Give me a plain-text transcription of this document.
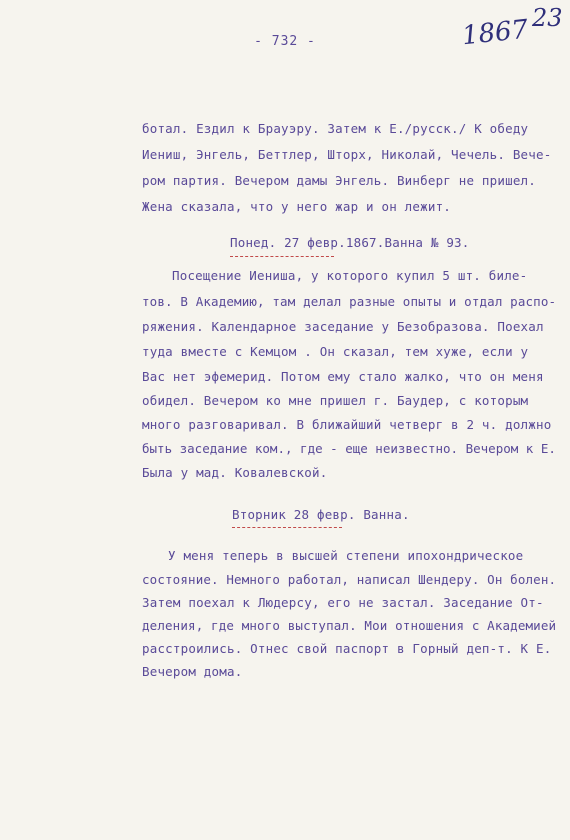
- 732 -	1867 23
ботал. Ездил к Брауэру. Затем к Е./русск./ К обеду
Иениш, Энгель, Беттлер, Шторх, Николай, Чечель. Вечe-
ром партия. Вечером дамы Энгель. Винберг не пришел.
Жена сказала, что у него жар и он лежит.
Понед. 27 февр.1867.Ванна № 93.
Посещение Иениша, у которого купил 5 шт. биле-
тов. В Академию, там делал разные опыты и отдал распо-
ряжения. Календарное заседание у Безобразова. Поехал
туда вместе с Кемцом . Он сказал, тем хуже, если у
Вас нет эфемерид. Потом ему стало жалко, что он меня
обидел. Вечером ко мне пришел г. Баудер, с которым
много разговаривал. В ближайший четверг в 2 ч. должно
быть заседание ком., где - еще неизвестно. Вечером к Е.
Была у мад. Ковалевской.
Вторник 28 февр. Ванна.
У меня теперь в высшей степени ипохондрическое
состояние. Немного работал, написал Шендеру. Он болен.
Затем поехал к Людерсу, его не застал. Заседание От-
деления, где много выступал. Мои отношения с Академией
расстроились. Отнес свой паспорт в Горный деп-т. К Е.
Вечером дома.
